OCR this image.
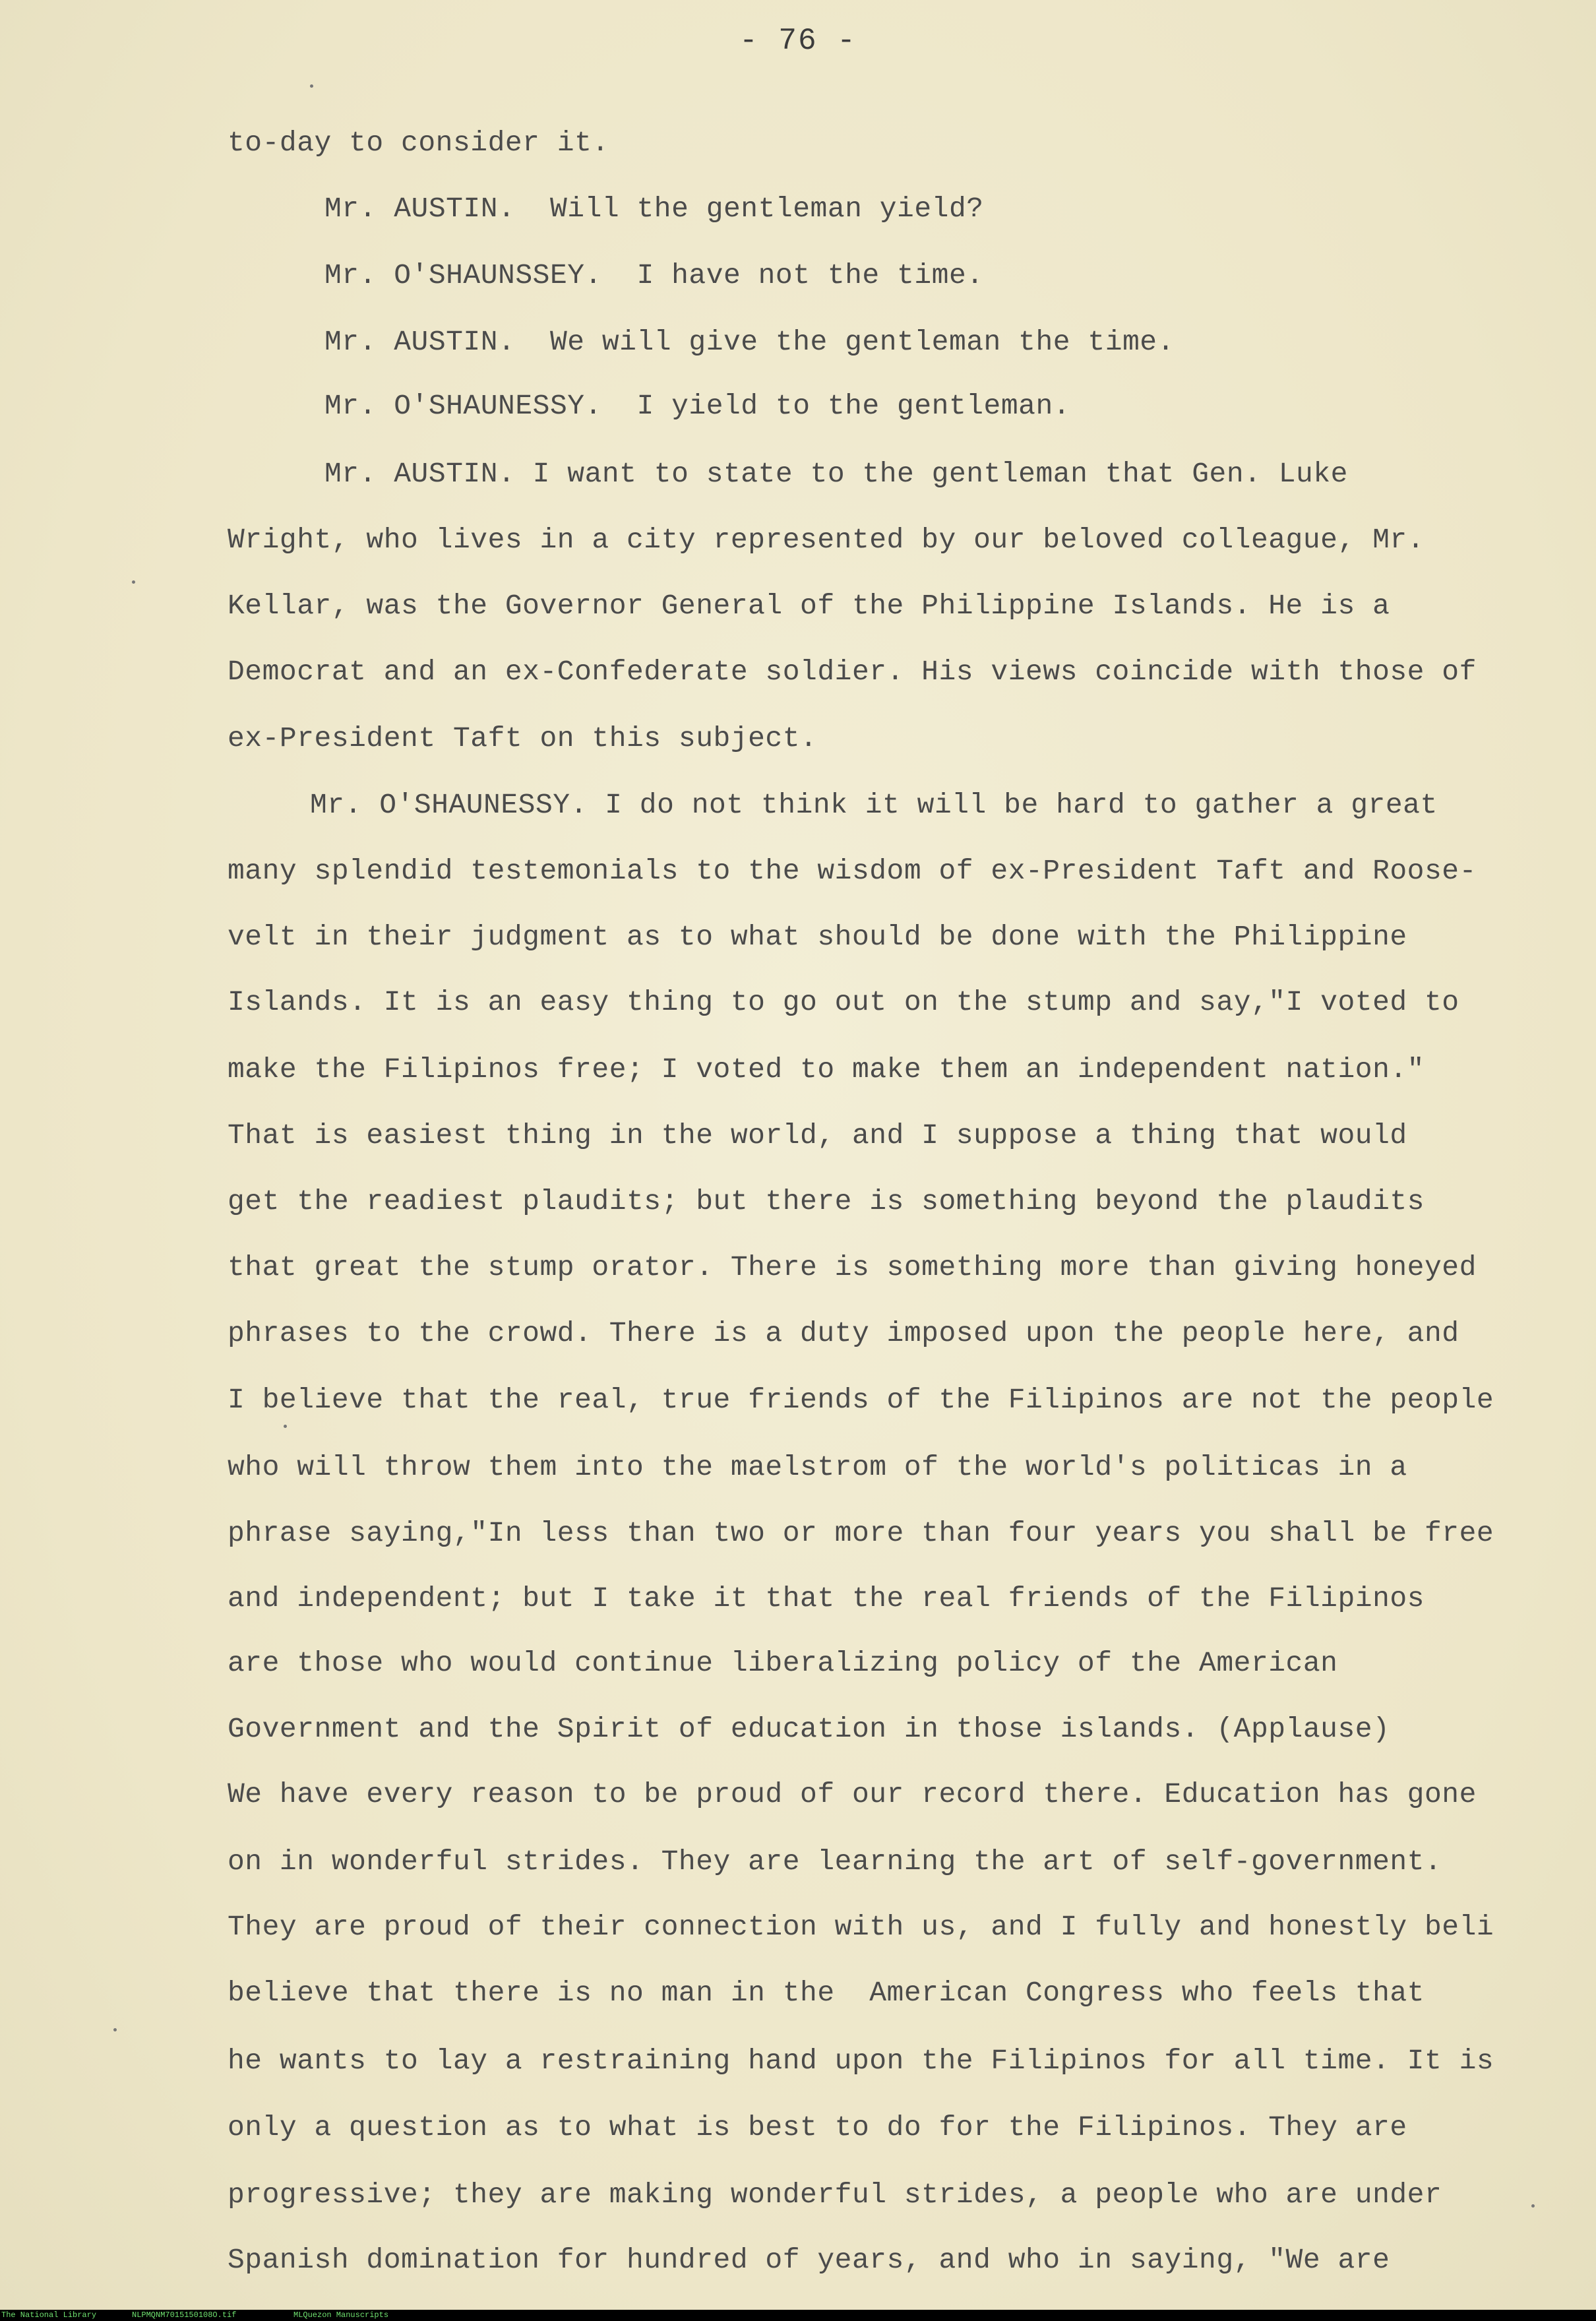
- 76 -
to-day to consider it.
Mr. AUSTIN.  Will the gentleman yield?
Mr. O'SHAUNSSEY.  I have not the time.
Mr. AUSTIN.  We will give the gentleman the time.
Mr. O'SHAUNESSY.  I yield to the gentleman.
Mr. AUSTIN. I want to state to the gentleman that Gen. Luke
Wright, who lives in a city represented by our beloved colleague, Mr.
Kellar, was the Governor General of the Philippine Islands. He is a
Democrat and an ex-Confederate soldier. His views coincide with those of
ex-President Taft on this subject.
Mr. O'SHAUNESSY. I do not think it will be hard to gather a great
many splendid testemonials to the wisdom of ex-President Taft and Roose-
velt in their judgment as to what should be done with the Philippine
Islands. It is an easy thing to go out on the stump and say,"I voted to
make the Filipinos free; I voted to make them an independent nation."
That is easiest thing in the world, and I suppose a thing that would
get the readiest plaudits; but there is something beyond the plaudits
that great the stump orator. There is something more than giving honeyed
phrases to the crowd. There is a duty imposed upon the people here, and
I believe that the real, true friends of the Filipinos are not the people
who will throw them into the maelstrom of the world's politicas in a
phrase saying,"In less than two or more than four years you shall be free
and independent; but I take it that the real friends of the Filipinos
are those who would continue liberalizing policy of the American
Government and the Spirit of education in those islands. (Applause)
We have every reason to be proud of our record there. Education has gone
on in wonderful strides. They are learning the art of self-government.
They are proud of their connection with us, and I fully and honestly beli
believe that there is no man in the  American Congress who feels that
he wants to lay a restraining hand upon the Filipinos for all time. It is
only a question as to what is best to do for the Filipinos. They are
progressive; they are making wonderful strides, a people who are under
Spanish domination for hundred of years, and who in saying, "We are
The National Library	NLPMQNM7015150108O.tif	MLQuezon Manuscripts
